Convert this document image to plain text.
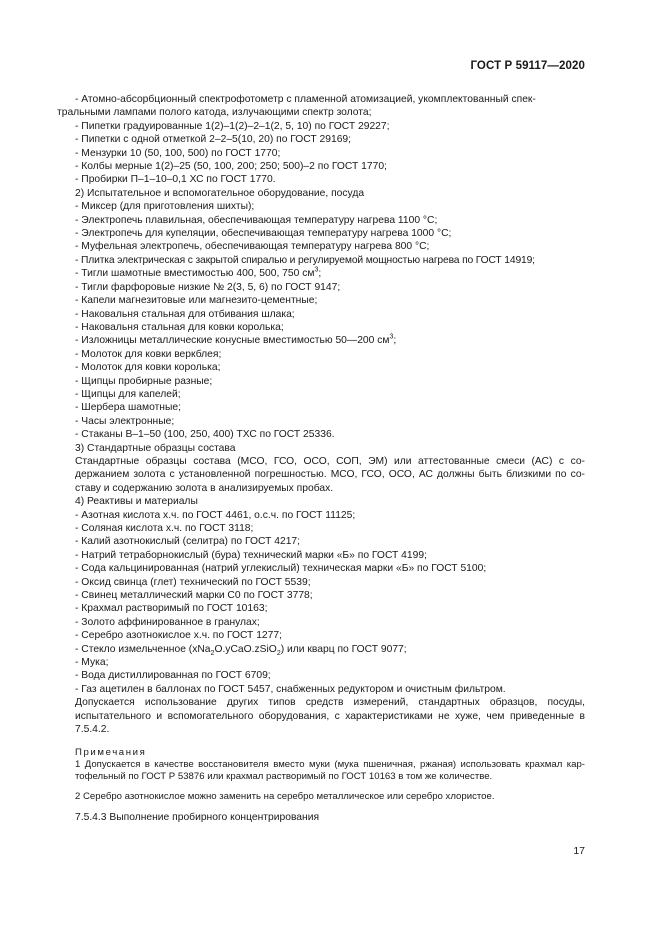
ГОСТ Р 59117—2020

- Атомно-абсорбционный спектрофотометр с пламенной атомизацией, укомплектованный спек-
тральными лампами полого катода, излучающими спектр золота;

- Пипетки градуированные 1(2)–1(2)–2–1(2, 5, 10) по ГОСТ 29227;

- Пипетки с одной отметкой 2–2–5(10, 20) по ГОСТ 29169;

- Мензурки 10 (50, 100, 500) по ГОСТ 1770;

- Колбы мерные 1(2)–25 (50, 100, 200; 250; 500)–2 по ГОСТ 1770;

- Пробирки П–1–10–0,1 ХС по ГОСТ 1770.

2) Испытательное и вспомогательное оборудование, посуда

- Миксер (для приготовления шихты);

- Электропечь плавильная, обеспечивающая температуру нагрева 1100 °С;

- Электропечь для купеляции, обеспечивающая температуру нагрева 1000 °С;

- Муфельная электропечь, обеспечивающая температуру нагрева 800 °С;

- Плитка электрическая с закрытой спиралью и регулируемой мощностью нагрева по ГОСТ 14919;

- Тигли шамотные вместимостью 400, 500, 750 $см^3$;

- Тигли фарфоровые низкие № 2(3, 5, 6) по ГОСТ 9147;

- Капели магнезитовые или магнезито-цементные;

- Наковальня стальная для отбивания шлака;

- Наковальня стальная для ковки королька;

- Изложницы металлические конусные вместимостью 50—200 $см^3$;

- Молоток для ковки веркблея;

- Молоток для ковки королька;

- Щипцы пробирные разные;

- Щипцы для капелей;

- Шербера шамотные;

- Часы электронные;

- Стаканы В–1–50 (100, 250, 400) ТХС по ГОСТ 25336.

3) Стандартные образцы состава

Стандартные образцы состава (МСО, ГСО, ОСО, СОП, ЭМ) или аттестованные смеси (АС) с со-держанием золота с установленной погрешностью. МСО, ГСО, ОСО, АС должны быть близкими по со-ставу и содержанию золота в анализируемых пробах.

4) Реактивы и материалы

- Азотная кислота х.ч. по ГОСТ 4461, о.с.ч. по ГОСТ 11125;

- Соляная кислота х.ч. по ГОСТ 3118;

- Калий азотнокислый (селитра) по ГОСТ 4217;

- Натрий тетраборнокислый (бура) технический марки «Б» по ГОСТ 4199;

- Сода кальцинированная (натрий углекислый) техническая марки «Б» по ГОСТ 5100;

- Оксид свинца (глет) технический по ГОСТ 5539;

- Свинец металлический марки С0 по ГОСТ 3778;

- Крахмал растворимый по ГОСТ 10163;

- Золото аффинированное в гранулах;

- Серебро азотнокислое х.ч. по ГОСТ 1277;

- Стекло измельченное (xNa$_2$O.yCaO.zSiO$_2$) или кварц по ГОСТ 9077;

- Мука;

- Вода дистиллированная по ГОСТ 6709;

- Газ ацетилен в баллонах по ГОСТ 5457, снабженных редуктором и очистным фильтром.

Допускается использование других типов средств измерений, стандартных образцов, посуды, испытательного и вспомогательного оборудования, с характеристиками не хуже, чем приведенные в 7.5.4.2.

Примечания

1 Допускается в качестве восстановителя вместо муки (мука пшеничная, ржаная) использовать крахмал кар-тофельный по ГОСТ Р 53876 или крахмал растворимый по ГОСТ 10163 в том же количестве.

2 Серебро азотнокислое можно заменить на серебро металлическое или серебро хлористое.

7.5.4.3 Выполнение пробирного концентрирования

17
